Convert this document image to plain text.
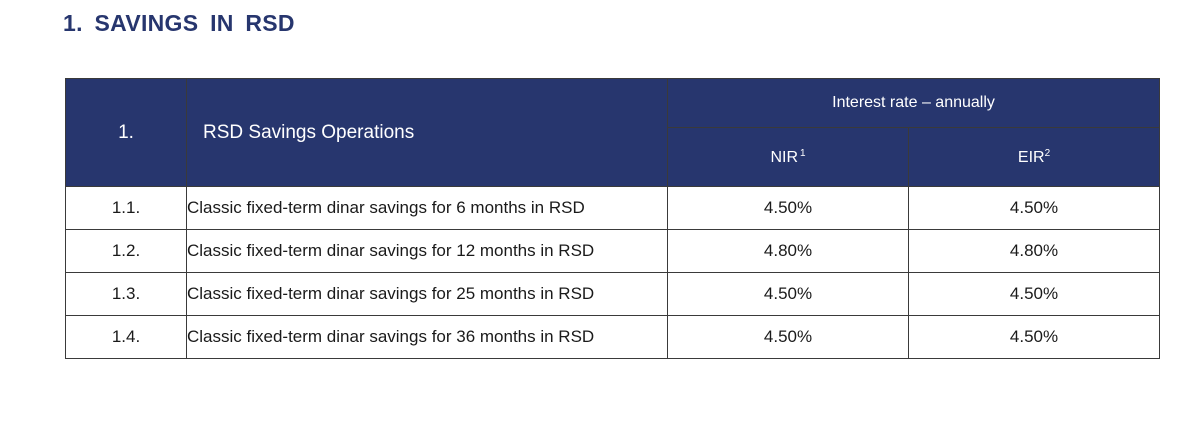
1. SAVINGS IN RSD
1.	RSD Savings Operations	Interest rate – annually	
		NIR $^1$	EIR$^2$
1.1.	Classic fixed-term dinar savings for 6 months in RSD	4.50%	4.50%
1.2.	Classic fixed-term dinar savings for 12 months in RSD	4.80%	4.80%
1.3.	Classic fixed-term dinar savings for 25 months in RSD	4.50%	4.50%
1.4.	Classic fixed-term dinar savings for 36 months in RSD	4.50%	4.50%
